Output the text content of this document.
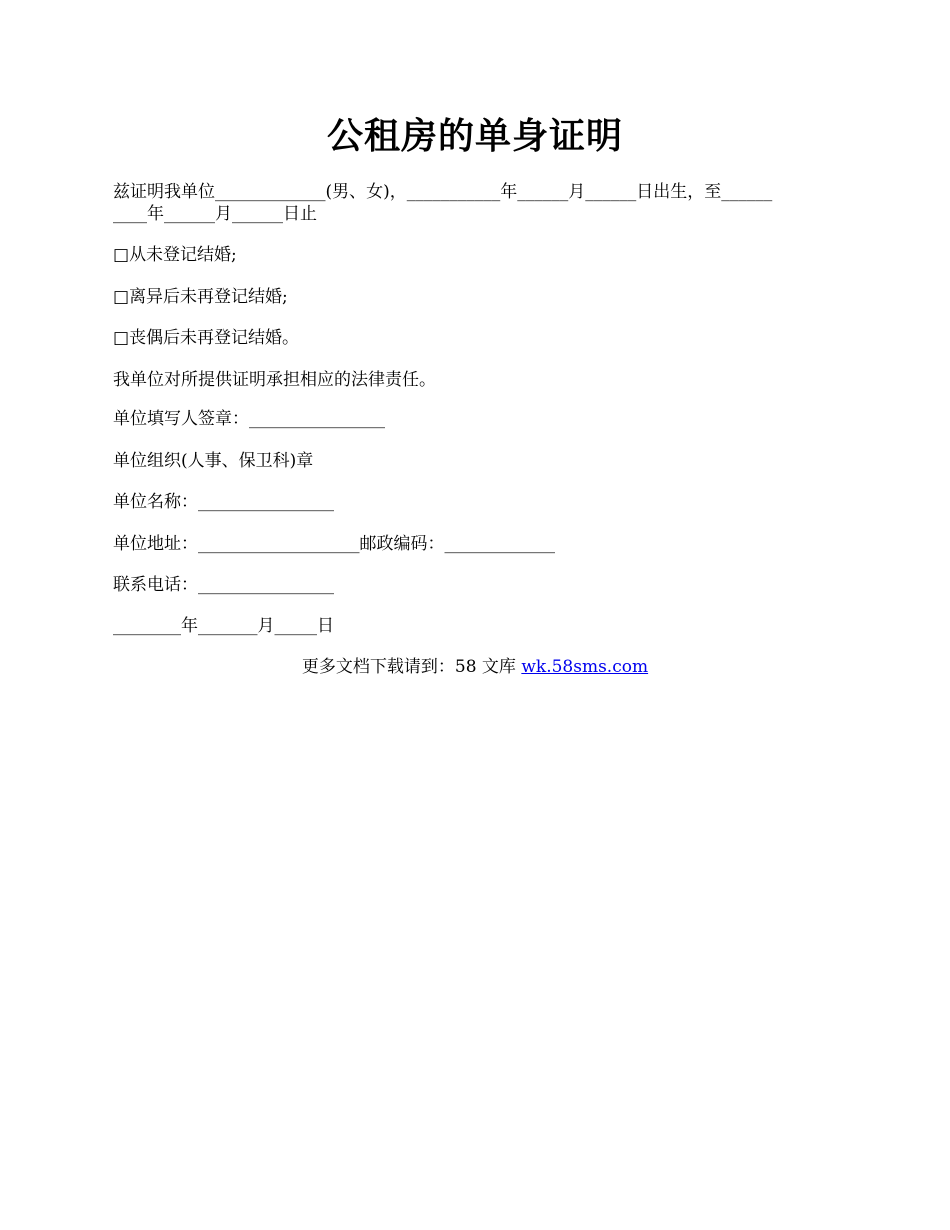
公租房的单身证明
兹证明我单位_____________(男、女)，___________年______月______日出生，至______
____年______月______日止
□从未登记结婚;
□离异后未再登记结婚;
□丧偶后未再登记结婚。
我单位对所提供证明承担相应的法律责任。
单位填写人签章：________________
单位组织(人事、保卫科)章
单位名称：________________
单位地址：___________________邮政编码：_____________
联系电话：________________
________年_______月_____日
更多文档下载请到：58 文库 wk.58sms.com
